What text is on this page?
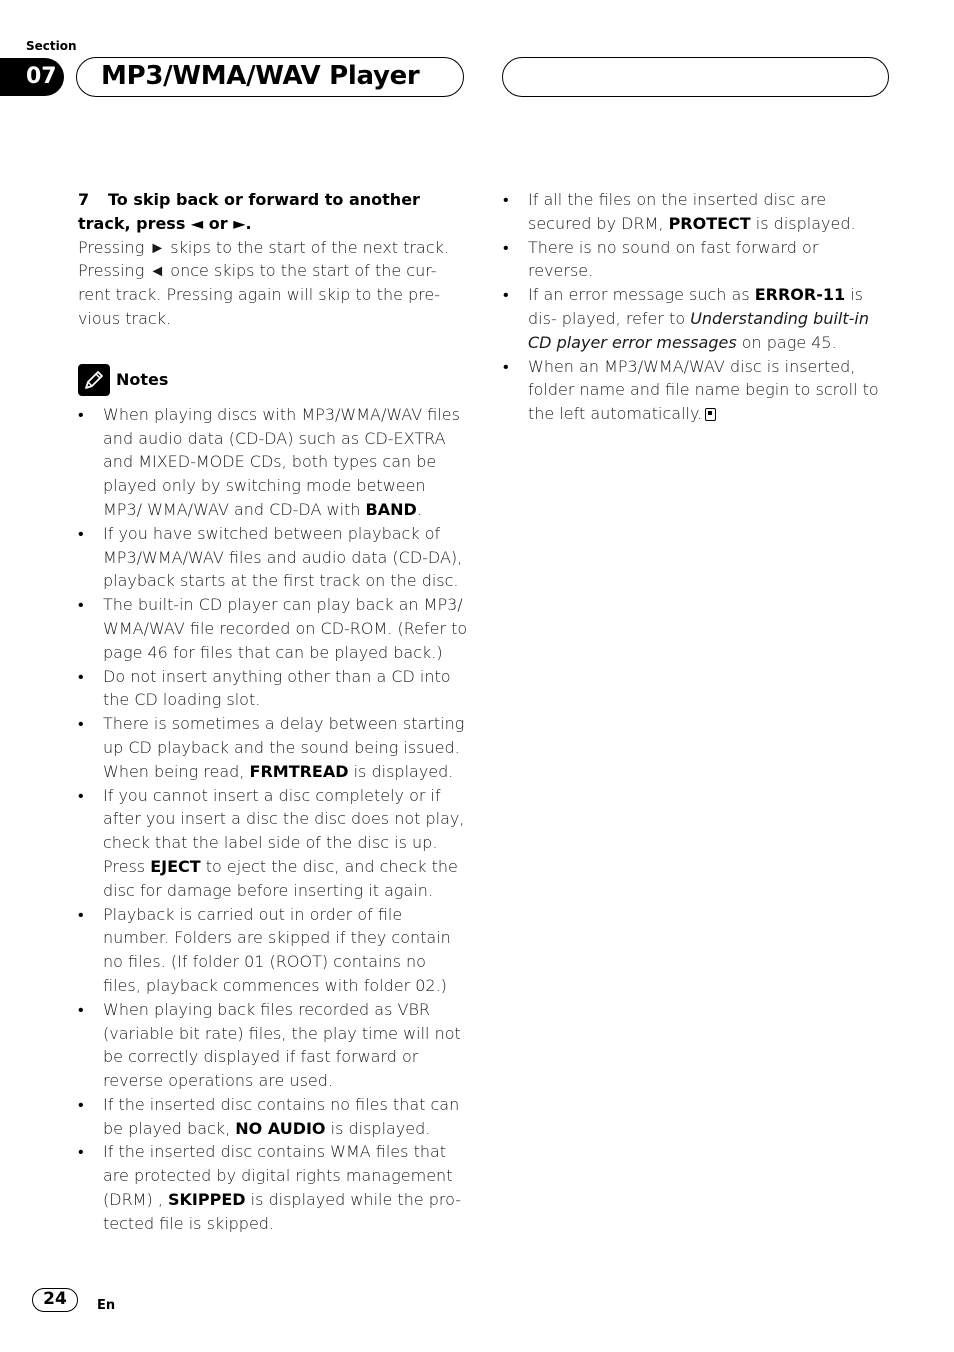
Section
07 MP3/WMA/WAV Player

7 To skip back or forward to another track, press ◄ or ►.

Pressing ► skips to the start of the next track. Pressing ◄ once skips to the start of the cur- rent track. Pressing again will skip to the pre- vious track.

Notes
• When playing discs with MP3/WMA/WAV files and audio data (CD-DA) such as CD-EXTRA and MIXED-MODE CDs, both types can be played only by switching mode between MP3/ WMA/WAV and CD-DA with BAND.
• If you have switched between playback of MP3/WMA/WAV files and audio data (CD-DA), playback starts at the first track on the disc.
• The built-in CD player can play back an MP3/ WMA/WAV file recorded on CD-ROM. (Refer to page 46 for files that can be played back.)
• Do not insert anything other than a CD into the CD loading slot.
• There is sometimes a delay between starting up CD playback and the sound being issued. When being read, FRMTREAD is displayed.
• If you cannot insert a disc completely or if after you insert a disc the disc does not play, check that the label side of the disc is up. Press EJECT to eject the disc, and check the disc for damage before inserting it again.
• Playback is carried out in order of file number. Folders are skipped if they contain no files. (If folder 01 (ROOT) contains no files, playback commences with folder 02.)
• When playing back files recorded as VBR (variable bit rate) files, the play time will not be correctly displayed if fast forward or reverse operations are used.
• If the inserted disc contains no files that can be played back, NO AUDIO is displayed.
• If the inserted disc contains WMA files that are protected by digital rights management (DRM) , SKIPPED is displayed while the pro- tected file is skipped.
• If all the files on the inserted disc are secured by DRM, PROTECT is displayed.
• There is no sound on fast forward or reverse.
• If an error message such as ERROR-11 is dis- played, refer to Understanding built-in CD player error messages on page 45.
• When an MP3/WMA/WAV disc is inserted, folder name and file name begin to scroll to the left automatically.
24	En
